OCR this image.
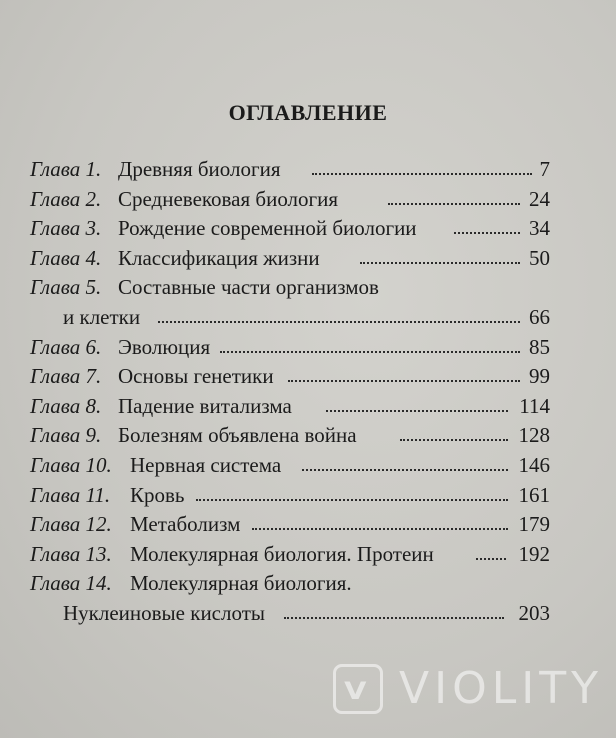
ОГЛАВЛЕНИЕ
Глава 1. Древняя биология	7
Глава 2. Средневековая биология	24
Глава 3. Рождение современной биологии	34
Глава 4. Классификация жизни	50
Глава 5. Составные части организмов
и клетки	66
Глава 6. Эволюция	85
Глава 7. Основы генетики	99
Глава 8. Падение витализма	114
Глава 9. Болезням объявлена война	128
Глава 10. Нервная система	146
Глава 11. Кровь	161
Глава 12. Метаболизм	179
Глава 13. Молекулярная биология. Протеин	192
Глава 14. Молекулярная биология.
Нуклеиновые кислоты	203
V VIOLITY
